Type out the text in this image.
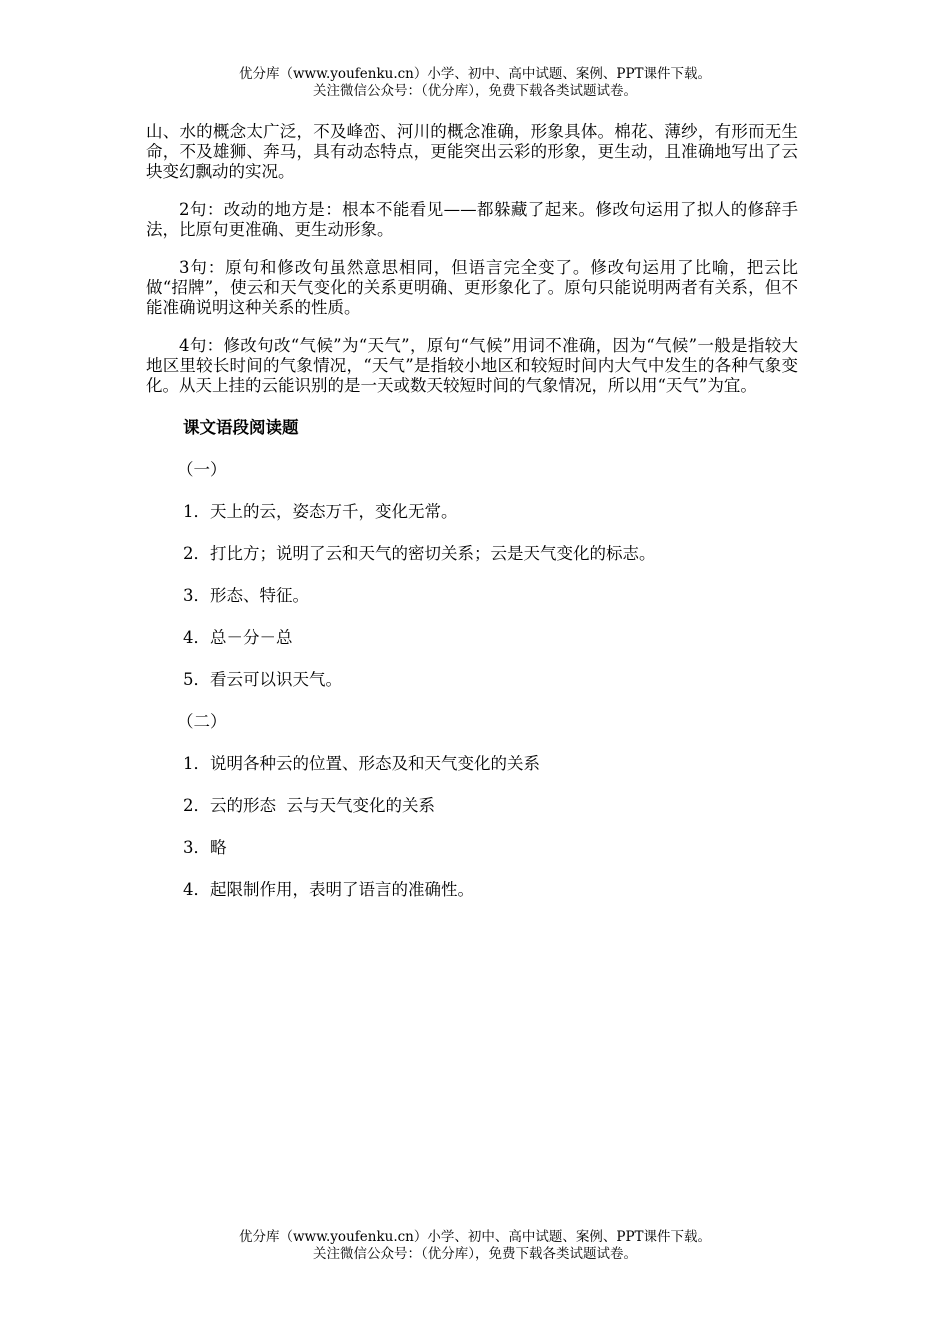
优分库（www.youfenku.cn）小学、初中、高中试题、案例、PPT课件下载。
关注微信公众号：（优分库），免费下载各类试题试卷。

山、水的概念太广泛，不及峰峦、河川的概念准确，形象具体。棉花、薄纱，有形而无生命，不及雄狮、奔马，具有动态特点，更能突出云彩的形象，更生动，且准确地写出了云块变幻飘动的实况。

2句：改动的地方是：根本不能看见——都躲藏了起来。修改句运用了拟人的修辞手法，比原句更准确、更生动形象。

3句：原句和修改句虽然意思相同，但语言完全变了。修改句运用了比喻，把云比做“招牌”，使云和天气变化的关系更明确、更形象化了。原句只能说明两者有关系，但不能准确说明这种关系的性质。

4句：修改句改“气候”为“天气”，原句“气候”用词不准确，因为“气候”一般是指较大地区里较长时间的气象情况，“天气”是指较小地区和较短时间内大气中发生的各种气象变化。从天上挂的云能识别的是一天或数天较短时间的气象情况，所以用“天气”为宜。

课文语段阅读题
（一）
1．天上的云，姿态万千，变化无常。
2．打比方；说明了云和天气的密切关系；云是天气变化的标志。
3．形态、特征。
4．总－分－总
5．看云可以识天气。
（二）
1．说明各种云的位置、形态及和天气变化的关系
2．云的形态  云与天气变化的关系
3．略
4．起限制作用，表明了语言的准确性。
优分库（www.youfenku.cn）小学、初中、高中试题、案例、PPT课件下载。
关注微信公众号：（优分库），免费下载各类试题试卷。
